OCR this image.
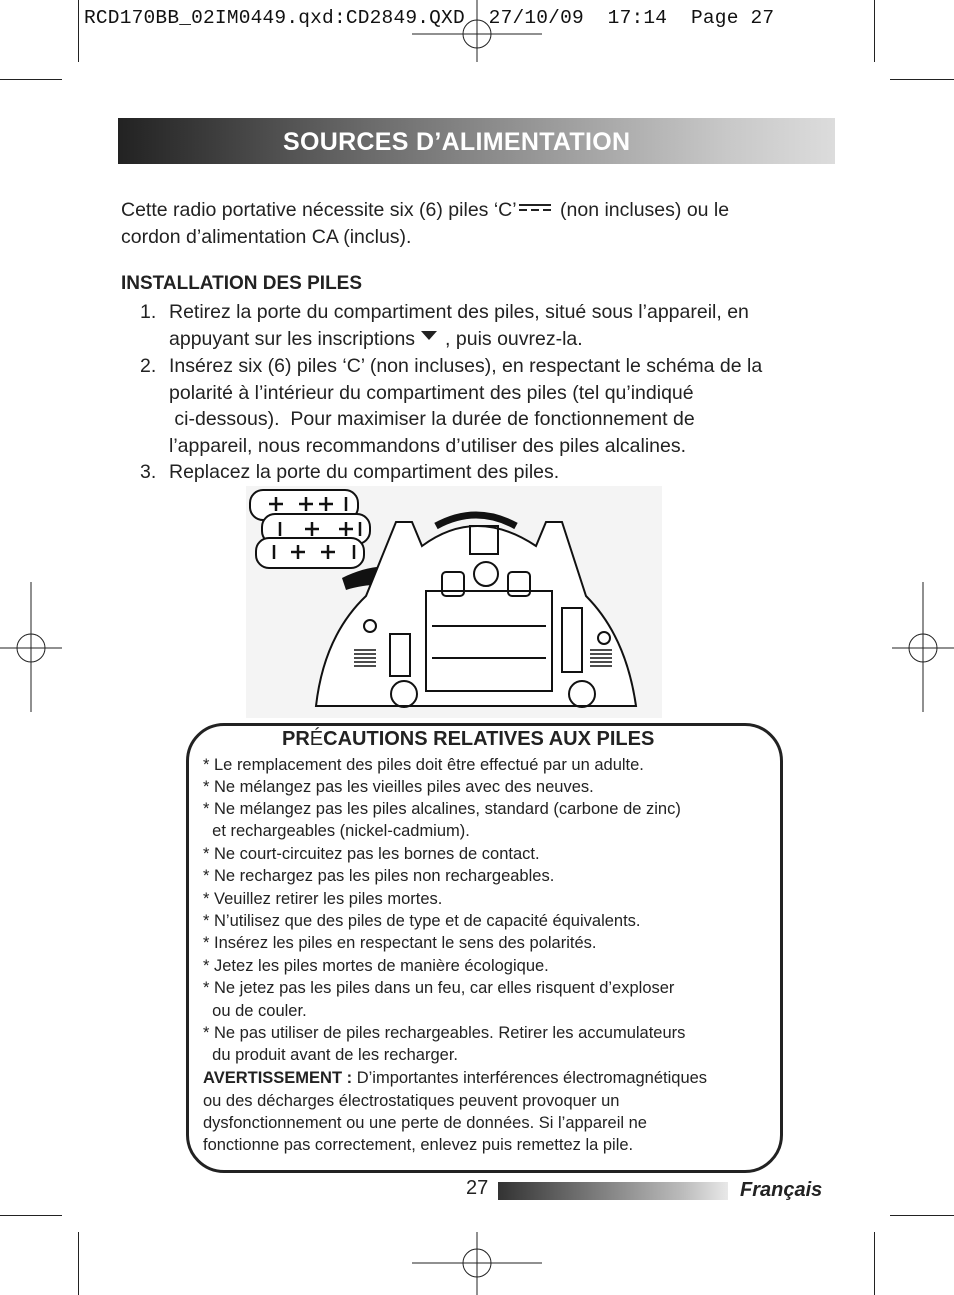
RCD170BB_02IM0449.qxd:CD2849.QXD  27/10/09  17:14  Page 27
SOURCES D’ALIMENTATION
Cette radio portative nécessite six (6) piles ‘C’ (non incluses) ou le
cordon d’alimentation CA (inclus).
INSTALLATION DES PILES
1. Retirez la porte du compartiment des piles, situé sous l’appareil, en
appuyant sur les inscriptions , puis ouvrez-la.
2. Insérez six (6) piles ‘C’ (non incluses), en respectant le schéma de la
polarité à l’intérieur du compartiment des piles (tel qu’indiqué
ci-dessous).  Pour maximiser la durée de fonctionnement de
l’appareil, nous recommandons d’utiliser des piles alcalines.
3. Replacez la porte du compartiment des piles.
PRÉCAUTIONS RELATIVES AUX PILES
* Le remplacement des piles doit être effectué par un adulte.
* Ne mélangez pas les vieilles piles avec des neuves.
* Ne mélangez pas les piles alcalines, standard (carbone de zinc)
et rechargeables (nickel-cadmium).
* Ne court-circuitez pas les bornes de contact.
* Ne rechargez pas les piles non rechargeables.
* Veuillez retirer les piles mortes.
* N’utilisez que des piles de type et de capacité équivalents.
* Insérez les piles en respectant le sens des polarités.
* Jetez les piles mortes de manière écologique.
* Ne jetez pas les piles dans un feu, car elles risquent d’exploser
ou de couler.
* Ne pas utiliser de piles rechargeables. Retirer les accumulateurs
du produit avant de les recharger.
AVERTISSEMENT : D’importantes interférences électromagnétiques
ou des décharges électrostatiques peuvent provoquer un
dysfonctionnement ou une perte de données. Si l’appareil ne
fonctionne pas correctement, enlevez puis remettez la pile.
27	Français
